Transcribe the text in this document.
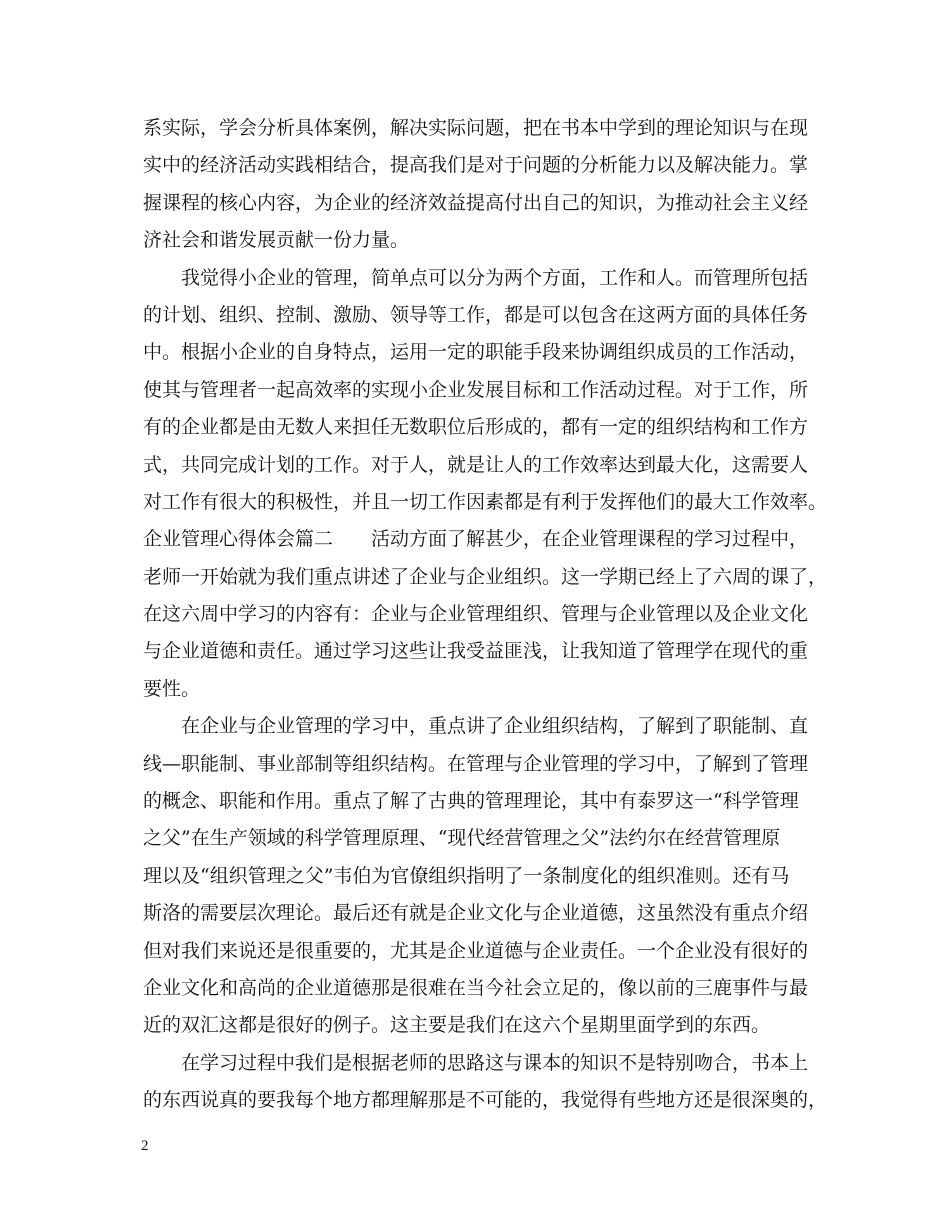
系实际，学会分析具体案例，解决实际问题，把在书本中学到的理论知识与在现
实中的经济活动实践相结合，提高我们是对于问题的分析能力以及解决能力。掌
握课程的核心内容，为企业的经济效益提高付出自己的知识，为推动社会主义经
济社会和谐发展贡献一份力量。
我觉得小企业的管理，简单点可以分为两个方面，工作和人。而管理所包括
的计划、组织、控制、激励、领导等工作，都是可以包含在这两方面的具体任务
中。根据小企业的自身特点，运用一定的职能手段来协调组织成员的工作活动，
使其与管理者一起高效率的实现小企业发展目标和工作活动过程。对于工作，所
有的企业都是由无数人来担任无数职位后形成的，都有一定的组织结构和工作方
式，共同完成计划的工作。对于人，就是让人的工作效率达到最大化，这需要人
对工作有很大的积极性，并且一切工作因素都是有利于发挥他们的最大工作效率。
企业管理心得体会篇二 活动方面了解甚少，在企业管理课程的学习过程中，
老师一开始就为我们重点讲述了企业与企业组织。这一学期已经上了六周的课了，
在这六周中学习的内容有：企业与企业管理组织、管理与企业管理以及企业文化
与企业道德和责任。通过学习这些让我受益匪浅，让我知道了管理学在现代的重
要性。
在企业与企业管理的学习中，重点讲了企业组织结构，了解到了职能制、直
线—职能制、事业部制等组织结构。在管理与企业管理的学习中，了解到了管理
的概念、职能和作用。重点了解了古典的管理理论，其中有泰罗这一“科学管理
之父”在生产领域的科学管理原理、“现代经营管理之父”法约尔在经营管理原
理以及“组织管理之父”韦伯为官僚组织指明了一条制度化的组织准则。还有马
斯洛的需要层次理论。最后还有就是企业文化与企业道德，这虽然没有重点介绍
但对我们来说还是很重要的，尤其是企业道德与企业责任。一个企业没有很好的
企业文化和高尚的企业道德那是很难在当今社会立足的，像以前的三鹿事件与最
近的双汇这都是很好的例子。这主要是我们在这六个星期里面学到的东西。
在学习过程中我们是根据老师的思路这与课本的知识不是特别吻合，书本上
的东西说真的要我每个地方都理解那是不可能的，我觉得有些地方还是很深奥的，
2
